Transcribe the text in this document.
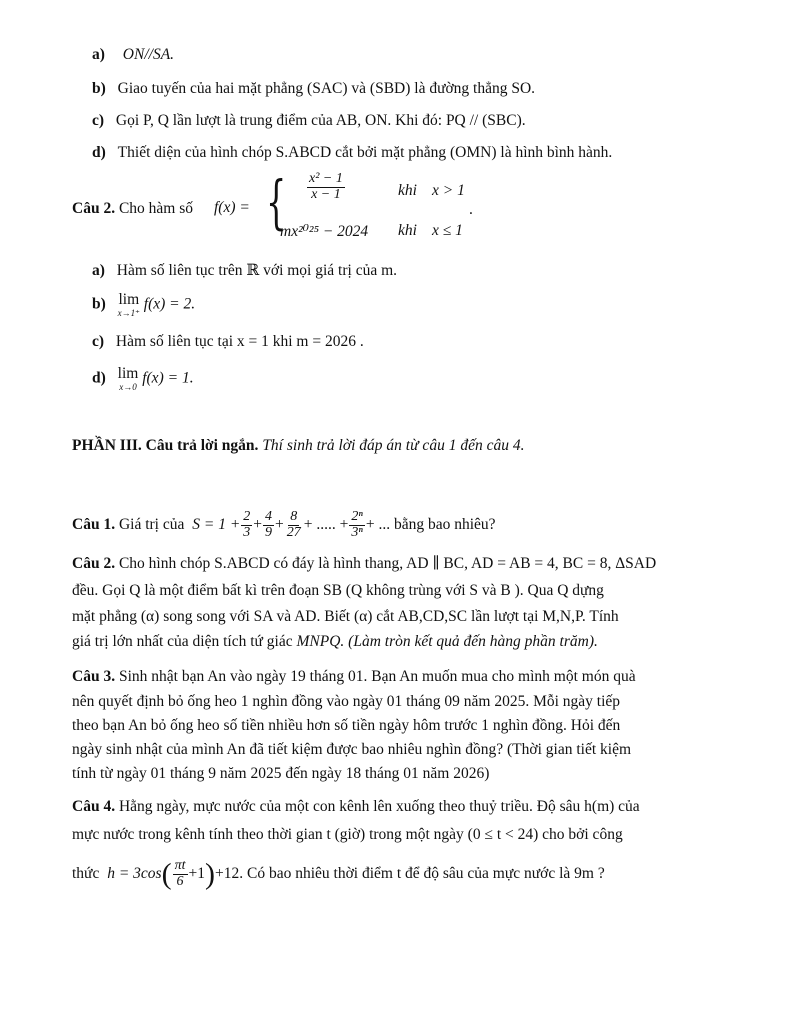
a) ON//SA.
b) Giao tuyến của hai mặt phẳng (SAC) và (SBD) là đường thẳng SO.
c) Gọi P, Q lần lượt là trung điểm của AB, ON. Khi đó: PQ // (SBC).
d) Thiết diện của hình chóp S.ABCD cắt bởi mặt phẳng (OMN) là hình bình hành.
Câu 2. Cho hàm số f(x) = { $\frac{\text{x² − 1}}{x - 1}$	khi x > 1
mx²⁰²⁵ − 2024 khi x ≤ 1
.
a) Hàm số liên tục trên ℝ với mọi giá trị của m.
b) lim
x→1⁺
f(x) = 2.
c) Hàm số liên tục tại x = 1 khi m = 2026 .
d) lim
x→0
f(x) = 1.
PHẦN III. Câu trả lời ngắn. Thí sinh trả lời đáp án từ câu 1 đến câu 4.
Câu 1. Giá trị của $S = 1 + \frac{2}{3} + \frac{4}{9} + \frac{8}{27}$ + ..... + $\frac{\text{2ⁿ}}{\text{3ⁿ}}$ + ... bằng bao nhiêu?
Câu 2. Cho hình chóp S.ABCD có đáy là hình thang, AD ∥ BC, AD = AB = 4, BC = 8, ΔSAD
đều. Gọi Q là một điểm bất kì trên đoạn SB (Q không trùng với S và B ). Qua Q dựng
mặt phẳng (α) song song với SA và AD. Biết (α) cắt AB,CD,SC lần lượt tại M,N,P. Tính
giá trị lớn nhất của diện tích tứ giác MNPQ. (Làm tròn kết quả đến hàng phần trăm).
Câu 3. Sinh nhật bạn An vào ngày 19 tháng 01. Bạn An muốn mua cho mình một món quà
nên quyết định bỏ ống heo 1 nghìn đồng vào ngày 01 tháng 09 năm 2025. Mỗi ngày tiếp
theo bạn An bỏ ống heo số tiền nhiều hơn số tiền ngày hôm trước 1 nghìn đồng. Hỏi đến
ngày sinh nhật của mình An đã tiết kiệm được bao nhiêu nghìn đồng? (Thời gian tiết kiệm
tính từ ngày 01 tháng 9 năm 2025 đến ngày 18 tháng 01 năm 2026)
Câu 4. Hằng ngày, mực nước của một con kênh lên xuống theo thuỷ triều. Độ sâu h(m) của
mực nước trong kênh tính theo thời gian t (giờ) trong một ngày (0 ≤ t < 24) cho bởi công
thức $h = 3\cos( \frac{\pi t}{6} +1)+12$. Có bao nhiêu thời điểm t để độ sâu của mực nước là 9m ?
